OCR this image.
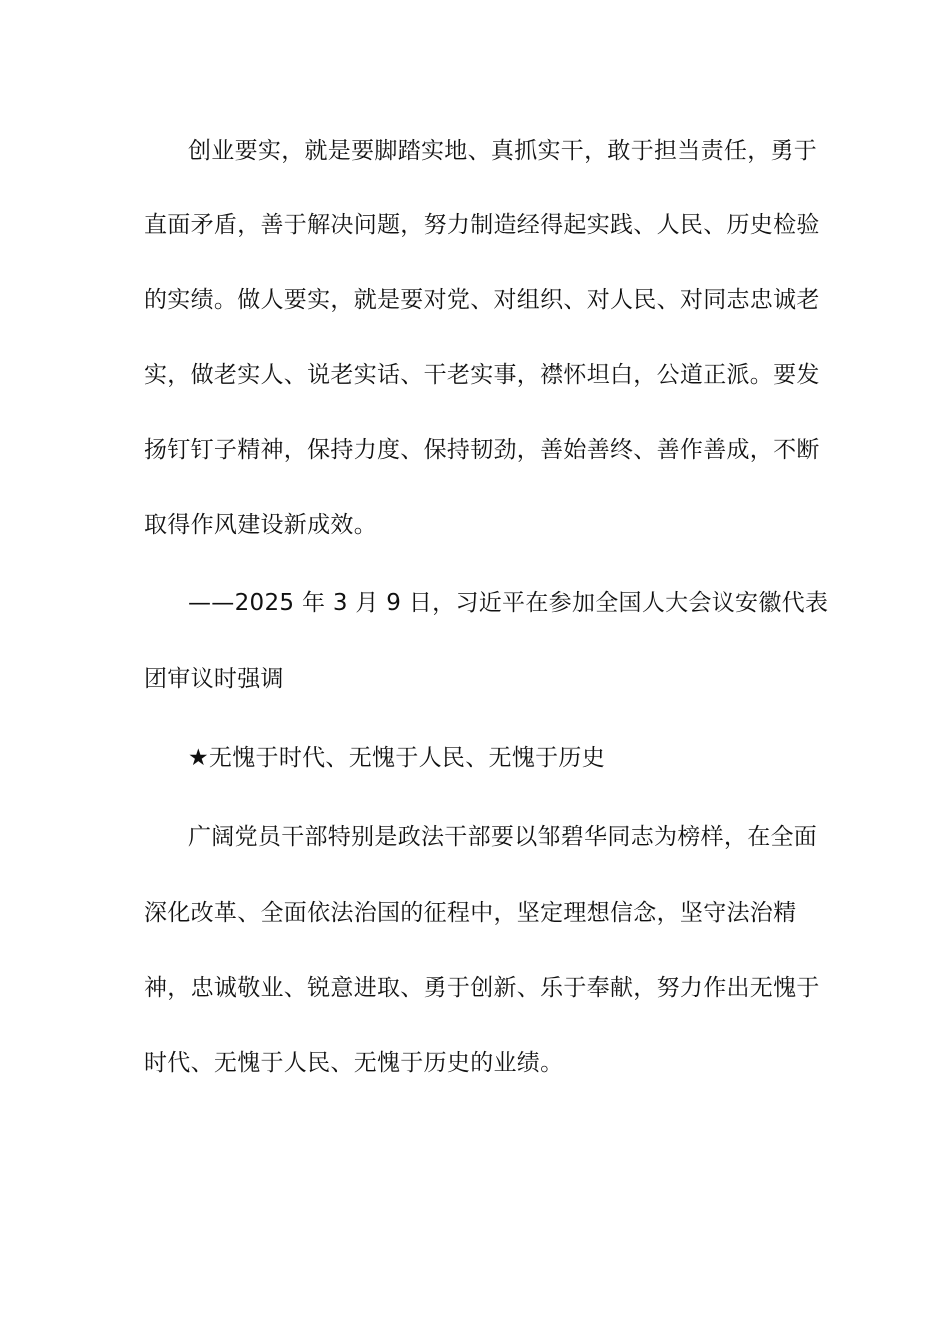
创业要实，就是要脚踏实地、真抓实干，敢于担当责任，勇于
直面矛盾，善于解决问题，努力制造经得起实践、人民、历史检验
的实绩。做人要实，就是要对党、对组织、对人民、对同志忠诚老
实，做老实人、说老实话、干老实事，襟怀坦白，公道正派。要发
扬钉钉子精神，保持力度、保持韧劲，善始善终、善作善成，不断
取得作风建设新成效。
——2025 年 3 月 9 日，习近平在参加全国人大会议安徽代表
团审议时强调
★无愧于时代、无愧于人民、无愧于历史
广阔党员干部特别是政法干部要以邹碧华同志为榜样，在全面
深化改革、全面依法治国的征程中，坚定理想信念，坚守法治精
神，忠诚敬业、锐意进取、勇于创新、乐于奉献，努力作出无愧于
时代、无愧于人民、无愧于历史的业绩。
